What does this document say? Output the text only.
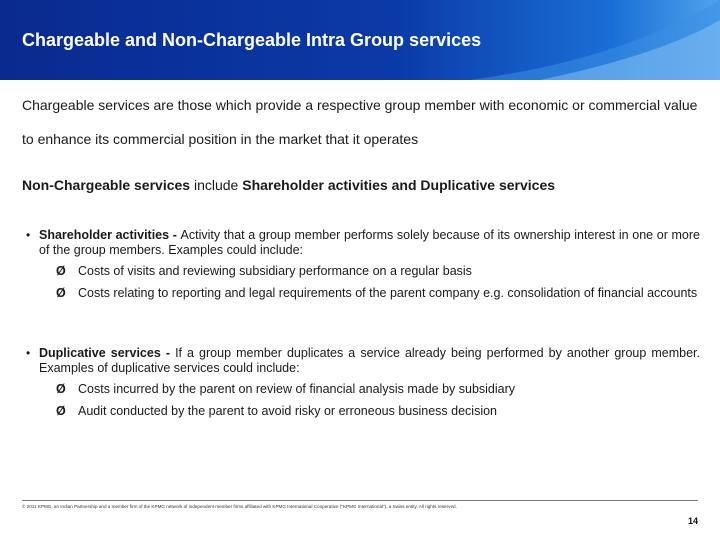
Chargeable and Non-Chargeable Intra Group services
Chargeable services are those which provide a respective group member with economic or commercial value to enhance its commercial position in the market that it operates
Non-Chargeable services include Shareholder activities and Duplicative services
• Shareholder activities - Activity that a group member performs solely because of its ownership interest in one or more of the group members. Examples could include:
Ø Costs of visits and reviewing subsidiary performance on a regular basis
Ø Costs relating to reporting and legal requirements of the parent company e.g. consolidation of financial accounts
• Duplicative services - If a group member duplicates a service already being performed by another group member. Examples of duplicative services could include:
Ø Costs incurred by the parent on review of financial analysis made by subsidiary
Ø Audit conducted by the parent to avoid risky or erroneous business decision
© 2011 KPMG, an Indian Partnership and a member firm of the KPMG network of independent member firms affiliated with KPMG International Cooperative ("KPMG International"), a Swiss entity. All rights reserved.
14
